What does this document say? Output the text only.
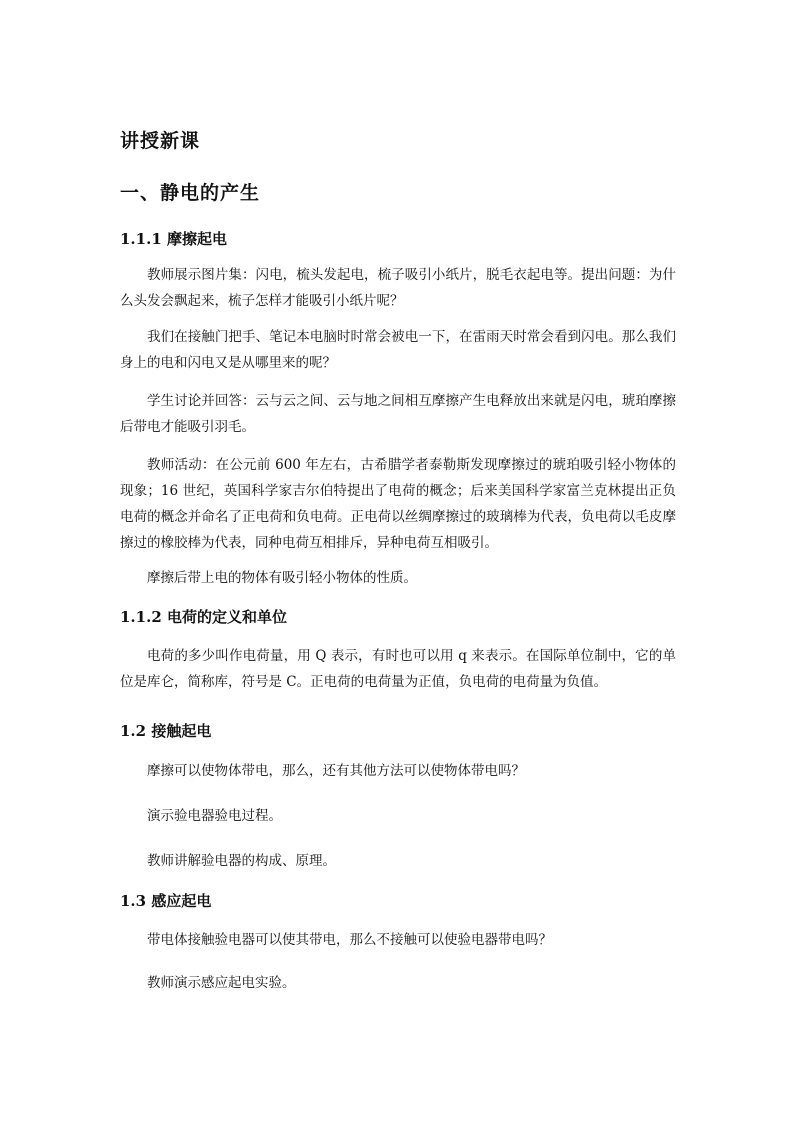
讲授新课
一、静电的产生
1.1.1 摩擦起电
教师展示图片集：闪电，梳头发起电，梳子吸引小纸片，脱毛衣起电等。提出问题：为什么头发会飘起来，梳子怎样才能吸引小纸片呢？
我们在接触门把手、笔记本电脑时时常会被电一下，在雷雨天时常会看到闪电。那么我们身上的电和闪电又是从哪里来的呢？
学生讨论并回答：云与云之间、云与地之间相互摩擦产生电释放出来就是闪电，琥珀摩擦后带电才能吸引羽毛。
教师活动：在公元前 600 年左右，古希腊学者泰勒斯发现摩擦过的琥珀吸引轻小物体的现象；16 世纪，英国科学家吉尔伯特提出了电荷的概念；后来美国科学家富兰克林提出正负电荷的概念并命名了正电荷和负电荷。正电荷以丝绸摩擦过的玻璃棒为代表，负电荷以毛皮摩擦过的橡胶棒为代表，同种电荷互相排斥，异种电荷互相吸引。
摩擦后带上电的物体有吸引轻小物体的性质。
1.1.2 电荷的定义和单位
电荷的多少叫作电荷量，用 Q 表示，有时也可以用 q 来表示。在国际单位制中，它的单位是库仑，简称库，符号是 C。正电荷的电荷量为正值，负电荷的电荷量为负值。
1.2 接触起电
摩擦可以使物体带电，那么，还有其他方法可以使物体带电吗？
演示验电器验电过程。
教师讲解验电器的构成、原理。
1.3 感应起电
带电体接触验电器可以使其带电，那么不接触可以使验电器带电吗？
教师演示感应起电实验。
